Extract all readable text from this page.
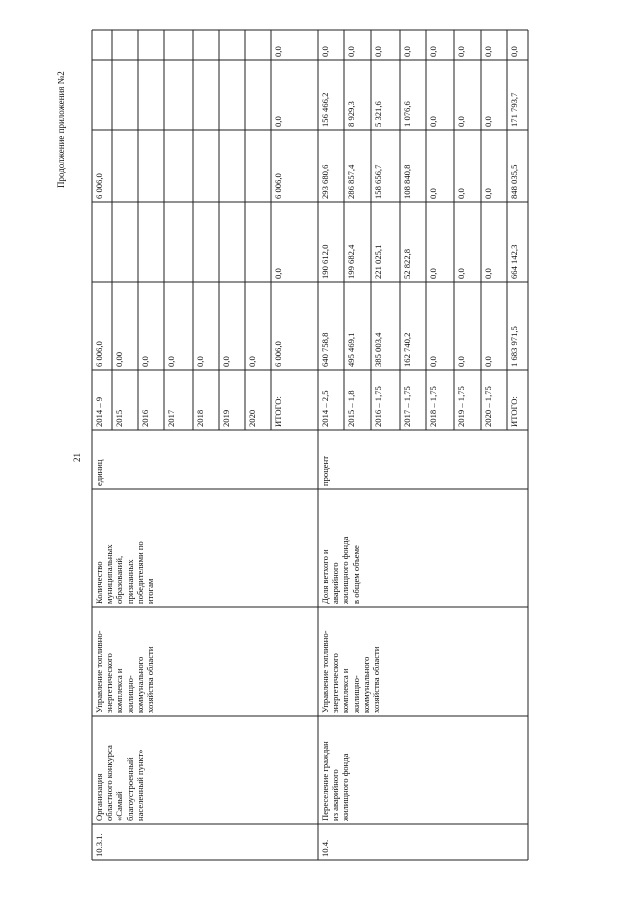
21
Продолжение приложения №2
10.3.1.
Организация
областного конкурса
«Самый
благоустроенный
населенный пункт»
Управление топливно-
энергетического
комплекса и
жилищно-
коммунального
хозяйства области
Количество
муниципальных
образований,
признанных
победителями по
итогам
единиц
2014 – 9
6 006,0
6 006,0
2015
0,00
2016
0,0
2017
0,0
2018
0,0
2019
0,0
2020
0,0
ИТОГО:
6 006,0
0,0
6 006,0
0,0
0,0
10.4.
Переселение граждан
из аварийного
жилищного фонда
Управление топливно-
энергетического
комплекса и
жилищно-
коммунального
хозяйства области
Доля ветхого и
аварийного
жилищного фонда
в общем объеме
процент
2014 – 2,5
640 758,8
190 612,0
293 680,6
156 466,2
0,0
2015 – 1,8
495 469,1
199 682,4
286 857,4
8 929,3
0,0
2016 – 1,75
385 003,4
221 025,1
158 656,7
5 321,6
0,0
2017 – 1,75
162 740,2
52 822,8
108 840,8
1 076,6
0,0
2018 – 1,75
0,0
0,0
0,0
0,0
0,0
2019 – 1,75
0,0
0,0
0,0
0,0
0,0
2020 – 1,75
0,0
0,0
0,0
0,0
0,0
ИТОГО:
1 683 971,5
664 142,3
848 035,5
171 793,7
0,0
